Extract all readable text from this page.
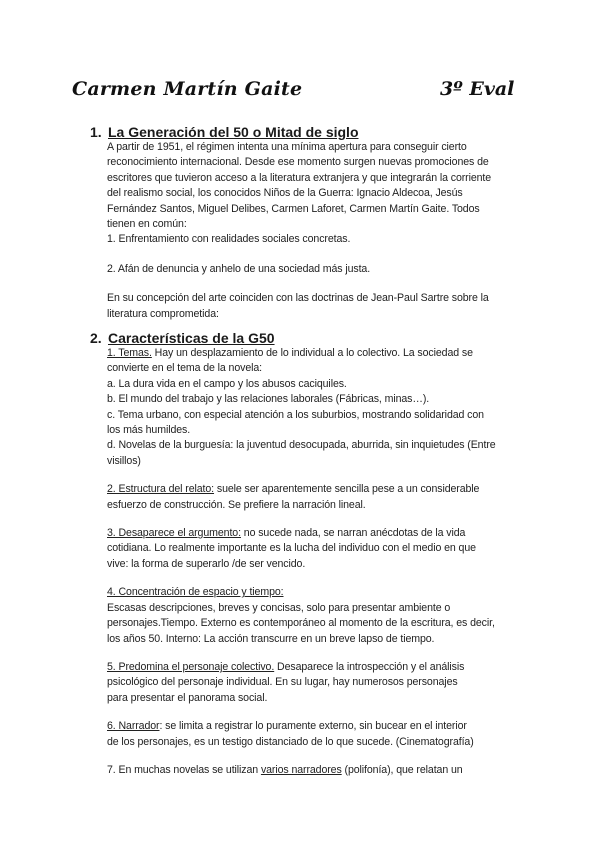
Carmen Martín Gaite	3º Eval
1. La Generación del 50 o Mitad de siglo

A partir de 1951, el régimen intenta una mínima apertura para conseguir cierto

reconocimiento internacional. Desde ese momento surgen nuevas promociones de

escritores que tuvieron acceso a la literatura extranjera y que integrarán la corriente

del realismo social, los conocidos Niños de la Guerra: Ignacio Aldecoa, Jesús

Fernández Santos, Miguel Delibes, Carmen Laforet, Carmen Martín Gaite. Todos

tienen en común:

1. Enfrentamiento con realidades sociales concretas.

2. Afán de denuncia y anhelo de una sociedad más justa.

En su concepción del arte coinciden con las doctrinas de Jean-Paul Sartre sobre la

literatura comprometida:

2. Características de la G50

1. Temas. Hay un desplazamiento de lo individual a lo colectivo. La sociedad se

convierte en el tema de la novela:

a. La dura vida en el campo y los abusos caciquiles.

b. El mundo del trabajo y las relaciones laborales (Fábricas, minas…).

c. Tema urbano, con especial atención a los suburbios, mostrando solidaridad con

los más humildes.

d. Novelas de la burguesía: la juventud desocupada, aburrida, sin inquietudes (Entre

visillos)

2. Estructura del relato: suele ser aparentemente sencilla pese a un considerable

esfuerzo de construcción. Se prefiere la narración lineal.

3. Desaparece el argumento: no sucede nada, se narran anécdotas de la vida

cotidiana. Lo realmente importante es la lucha del individuo con el medio en que

vive: la forma de superarlo /de ser vencido.

4. Concentración de espacio y tiempo:

Escasas descripciones, breves y concisas, solo para presentar ambiente o

personajes.Tiempo. Externo es contemporáneo al momento de la escritura, es decir,

los años 50. Interno: La acción transcurre en un breve lapso de tiempo.

5. Predomina el personaje colectivo. Desaparece la introspección y el análisis

psicológico del personaje individual. En su lugar, hay numerosos personajes

para presentar el panorama social.

6. Narrador: se limita a registrar lo puramente externo, sin bucear en el interior

de los personajes, es un testigo distanciado de lo que sucede. (Cinematografía)

7. En muchas novelas se utilizan varios narradores (polifonía), que relatan un
